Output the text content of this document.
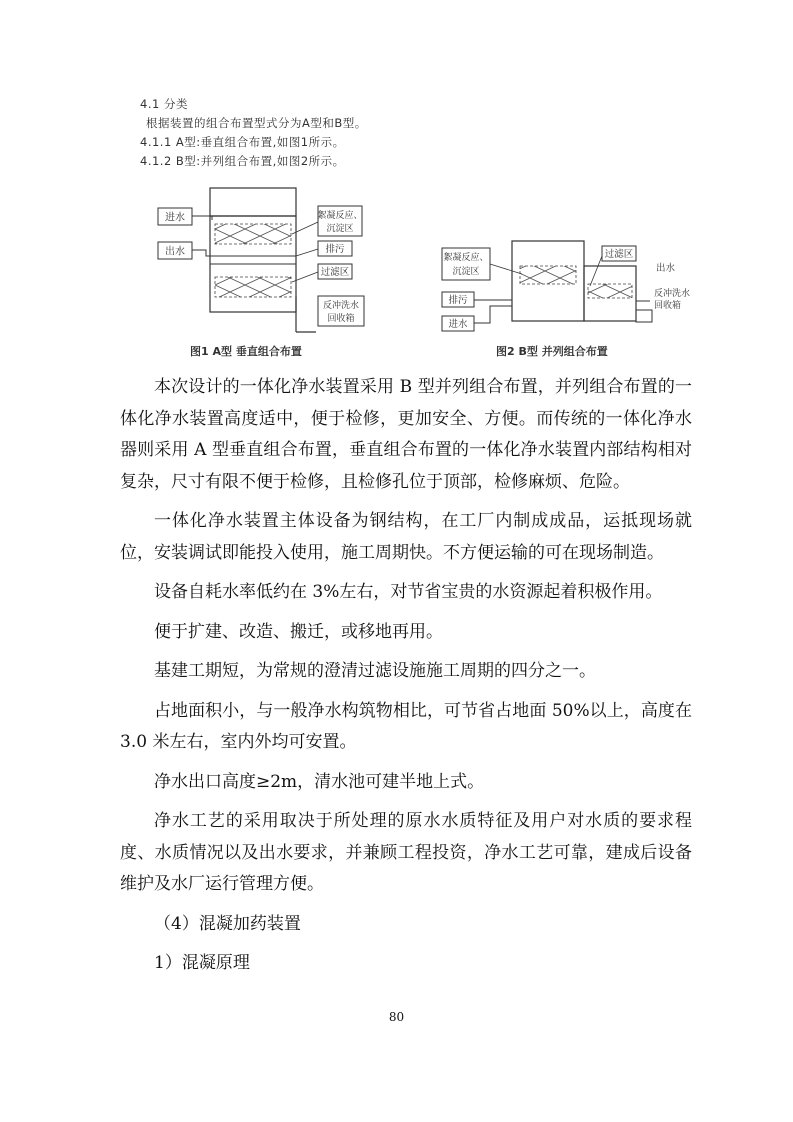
4.1 分类
根据装置的组合布置型式分为A型和B型。
4.1.1 A型:垂直组合布置,如图1所示。
4.1.2 B型:并列组合布置,如图2所示。
进水
出水
絮凝反应、
沉淀区
排污
过滤区
反冲洗水
回收箱
图1 A型 垂直组合布置
絮凝反应、
沉淀区
过滤区
出水
反冲洗水
回收箱
排污
进水
图2 B型 并列组合布置

本次设计的一体化净水装置采用 B 型并列组合布置，并列组合布置的一体化净水装置高度适中，便于检修，更加安全、方便。而传统的一体化净水器则采用 A 型垂直组合布置，垂直组合布置的一体化净水装置内部结构相对复杂，尺寸有限不便于检修，且检修孔位于顶部，检修麻烦、危险。

一体化净水装置主体设备为钢结构，在工厂内制成成品，运抵现场就位，安装调试即能投入使用，施工周期快。不方便运输的可在现场制造。

设备自耗水率低约在 3%左右，对节省宝贵的水资源起着积极作用。

便于扩建、改造、搬迁，或移地再用。

基建工期短，为常规的澄清过滤设施施工周期的四分之一。

占地面积小，与一般净水构筑物相比，可节省占地面 50%以上，高度在 3.0 米左右，室内外均可安置。

净水出口高度≥2m，清水池可建半地上式。

净水工艺的采用取决于所处理的原水水质特征及用户对水质的要求程度、水质情况以及出水要求，并兼顾工程投资，净水工艺可靠，建成后设备维护及水厂运行管理方便。

（4）混凝加药装置

1）混凝原理

80
